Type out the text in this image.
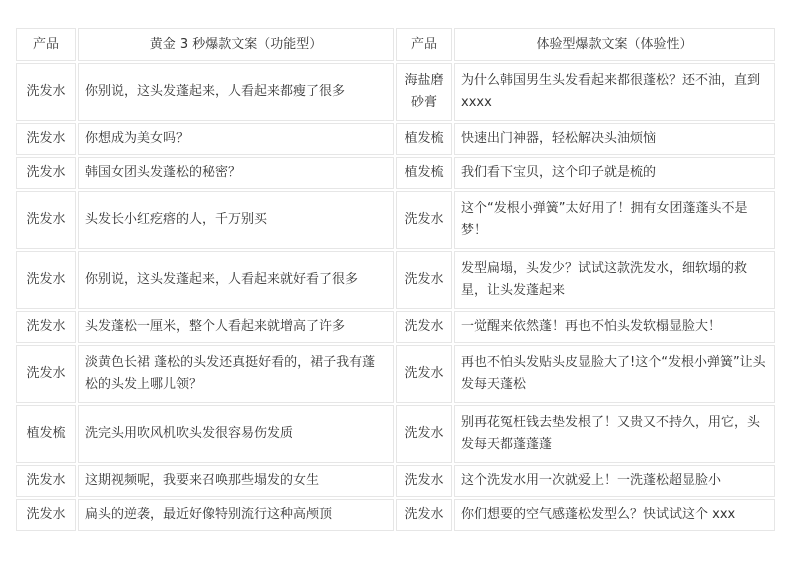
产品	黄金 3 秒爆款文案（功能型）	产品	体验型爆款文案（体验性）
洗发水	你别说，这头发蓬起来，人看起来都瘦了很多	海盐磨砂膏	为什么韩国男生头发看起来都很蓬松？还不油，直到 xxxx
洗发水	你想成为美女吗？	植发梳	快速出门神器，轻松解决头油烦恼
洗发水	韩国女团头发蓬松的秘密？	植发梳	我们看下宝贝，这个印子就是梳的
洗发水	头发长小红疙瘩的人，千万别买	洗发水	这个“发根小弹簧”太好用了！拥有女团蓬蓬头不是梦！
洗发水	你别说，这头发蓬起来，人看起来就好看了很多	洗发水	发型扁塌，头发少？试试这款洗发水，细软塌的救星，让头发蓬起来
洗发水	头发蓬松一厘米，整个人看起来就增高了许多	洗发水	一觉醒来依然蓬！再也不怕头发软榻显脸大！
洗发水	淡黄色长裙 蓬松的头发还真挺好看的，裙子我有蓬松的头发上哪儿领？	洗发水	再也不怕头发贴头皮显脸大了!这个“发根小弹簧”让头发每天蓬松
植发梳	洗完头用吹风机吹头发很容易伤发质	洗发水	别再花冤枉钱去垫发根了！又贵又不持久，用它，头发每天都蓬蓬蓬
洗发水	这期视频呢，我要来召唤那些塌发的女生	洗发水	这个洗发水用一次就爱上！一洗蓬松超显脸小
洗发水	扁头的逆袭，最近好像特别流行这种高颅顶	洗发水	你们想要的空气感蓬松发型么？快试试这个 xxx
